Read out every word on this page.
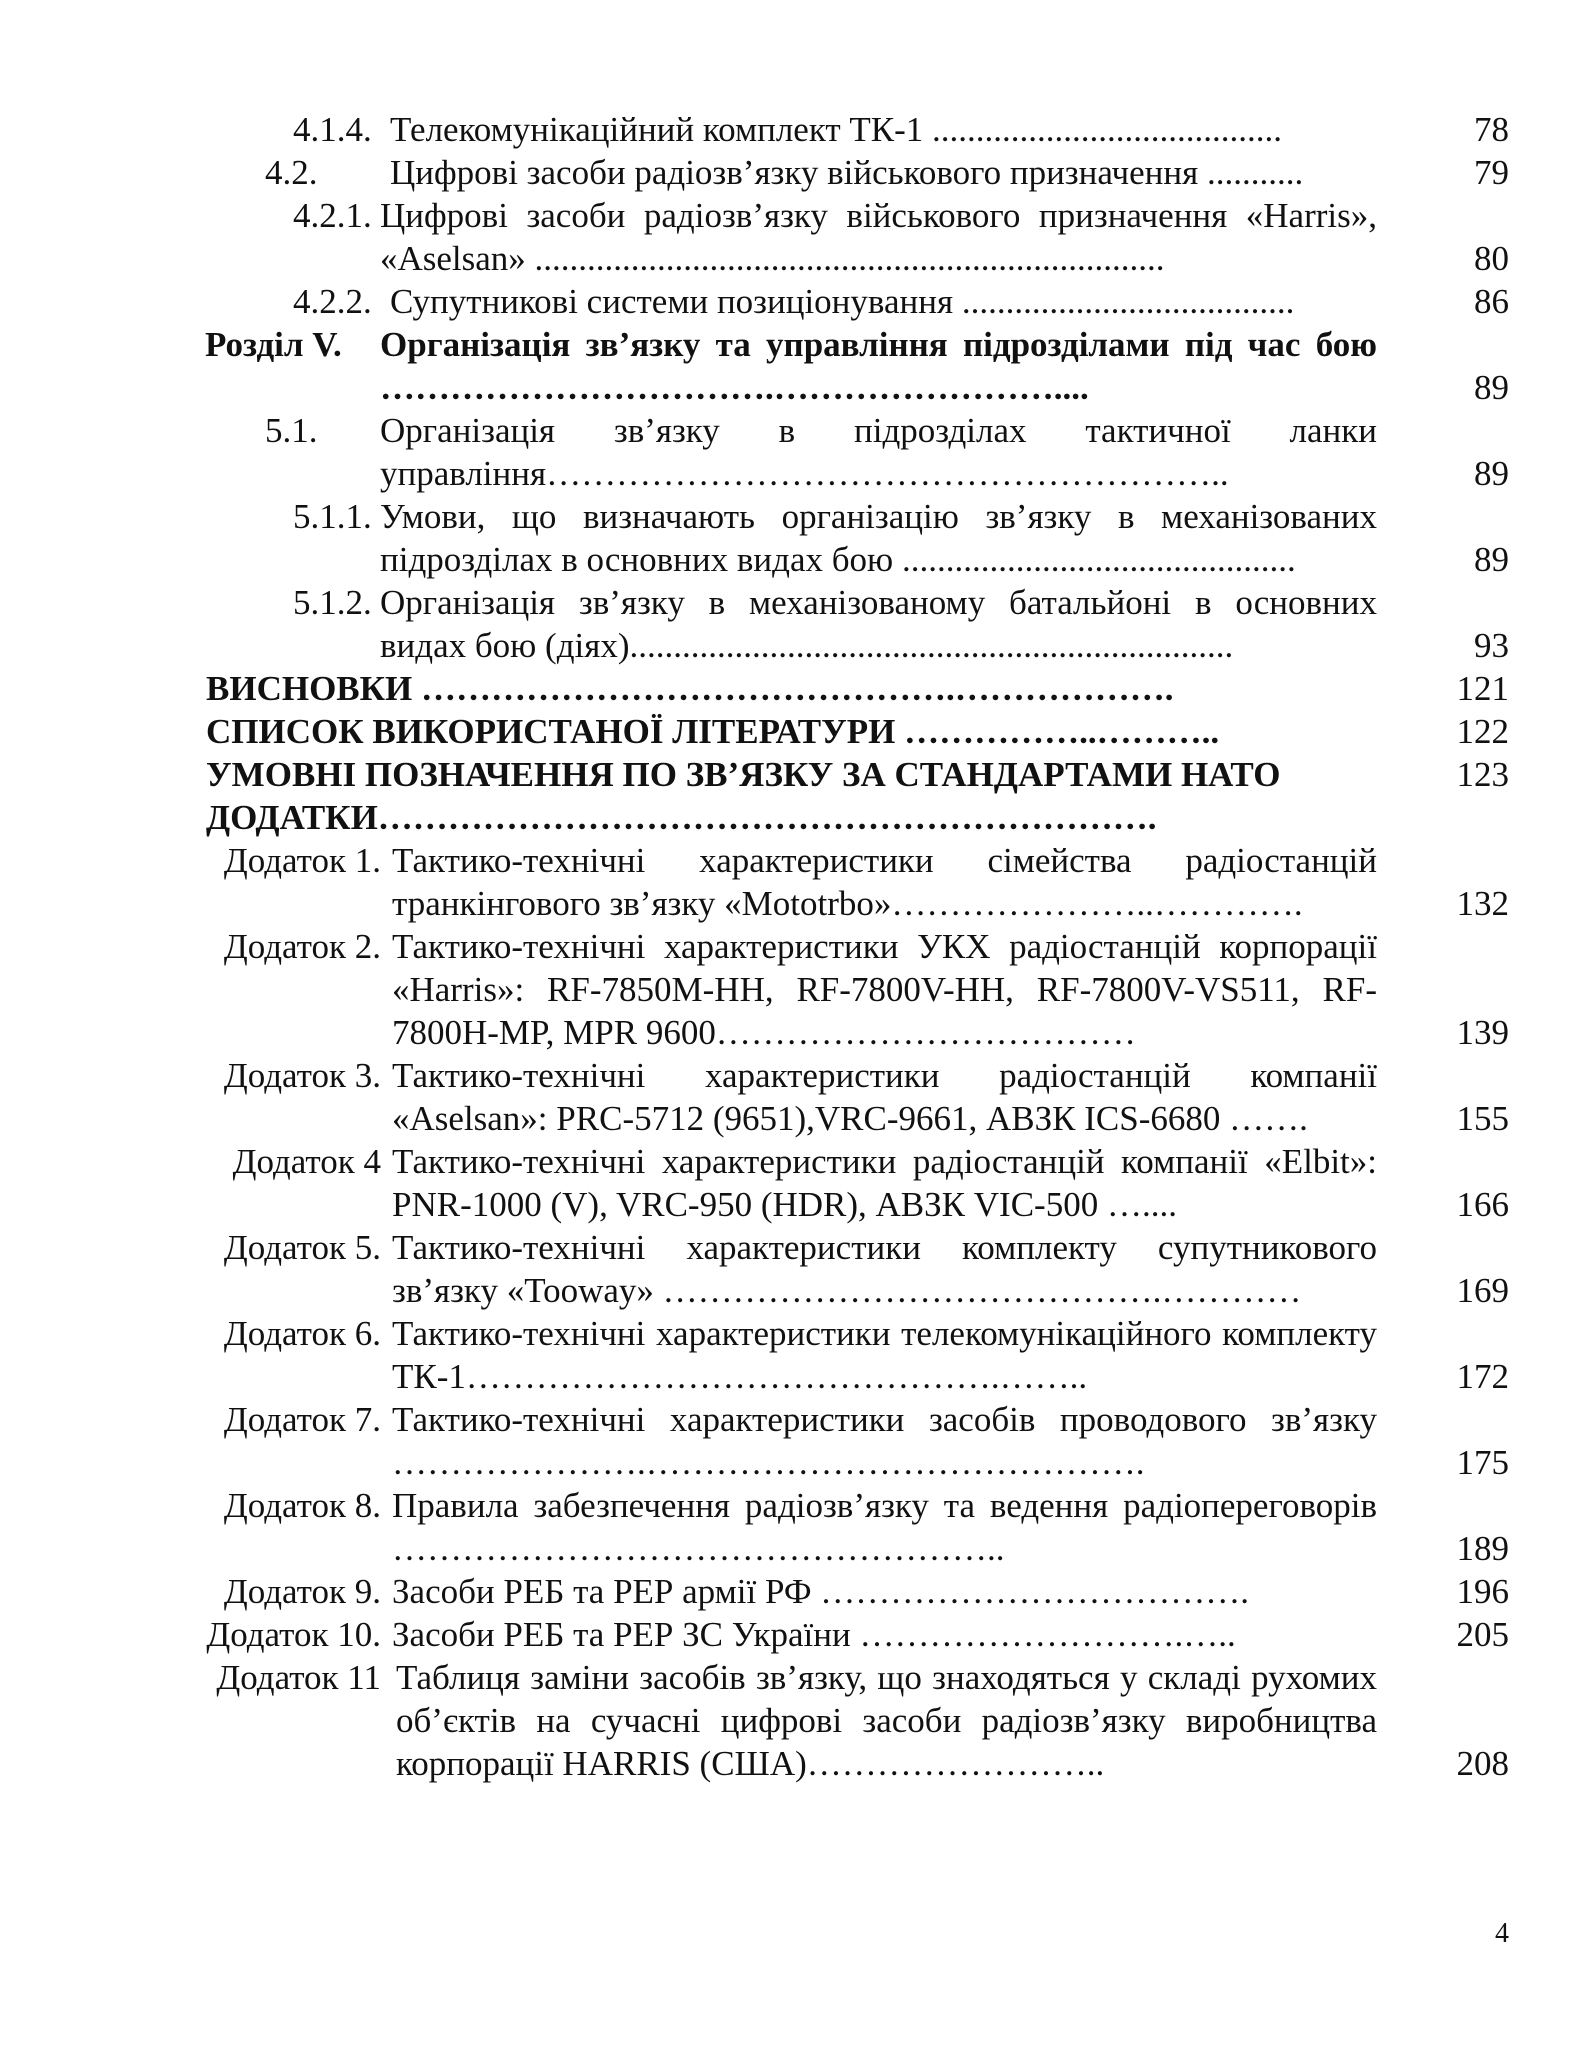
4.1.4. Телекомунікаційний комплект ТК-1 ........................................	78
4.2. Цифрові засоби радіозв’язку військового призначення ...........	79
4.2.1. Цифрові засоби радіозв’язку військового призначення «Harris», «Aselsan» ........................................................................	80
4.2.2. Супутникові системи позиціонування ......................................	86
Розділ V. Організація зв’язку та управління підрозділами під час бою …………………………….……………………....	89
5.1. Організація зв’язку в підрозділах тактичної ланки управління…………………………………………………..	89
5.1.1. Умови, що визначають організацію зв’язку в механізованих підрозділах в основних видах бою .............................................	89
5.1.2. Організація зв’язку в механізованому батальйоні в основних видах бою (діях).....................................................................	93
ВИСНОВКИ ……………………………………….……………….	121
СПИСОК ВИКОРИСТАНОЇ ЛІТЕРАТУРИ ……………..………..	122
УМОВНІ ПОЗНАЧЕННЯ ПО ЗВ’ЯЗКУ ЗА СТАНДАРТАМИ НАТО	123
ДОДАТКИ………………………………………………………….
Додаток 1. Тактико-технічні характеристики сімейства радіостанцій транкінгового зв’язку «Mototrbo»…………………..………….	132
Додаток 2. Тактико-технічні характеристики УКХ радіостанцій корпорації «Harris»: RF-7850M-HH, RF-7800V-HH, RF-7800V-VS511, RF-7800H-MP, MPR 9600………………………………	139
Додаток 3. Тактико-технічні характеристики радіостанцій компанії «Aselsan»: PRC-5712 (9651),VRC-9661, АВЗК ICS-6680 …….	155
Додаток 4 Тактико-технічні характеристики радіостанцій компанії «Elbit»: PNR-1000 (V), VRC-950 (HDR), АВЗК VIC-500 …....	166
Додаток 5. Тактико-технічні характеристики комплекту супутникового зв’язку «Tooway» …………………………………….…………	169
Додаток 6. Тактико-технічні характеристики телекомунікаційного комплекту ТК-1……………………………………….……..	172
Додаток 7. Тактико-технічні характеристики засобів проводового зв’язку ………………….…………………………………….	175
Додаток 8. Правила забезпечення радіозв’язку та ведення радіопереговорів ……………………………………………..	189
Додаток 9. Засоби РЕБ та РЕР армії РФ ……………………………….	196
Додаток 10. Засоби РЕБ та РЕР ЗС України ……………………….…..	205
Додаток 11 Таблиця заміни засобів зв’язку, що знаходяться у складі рухомих об’єктів на сучасні цифрові засоби радіозв’язку виробництва корпорації HARRIS (США)……………………..	208
4
